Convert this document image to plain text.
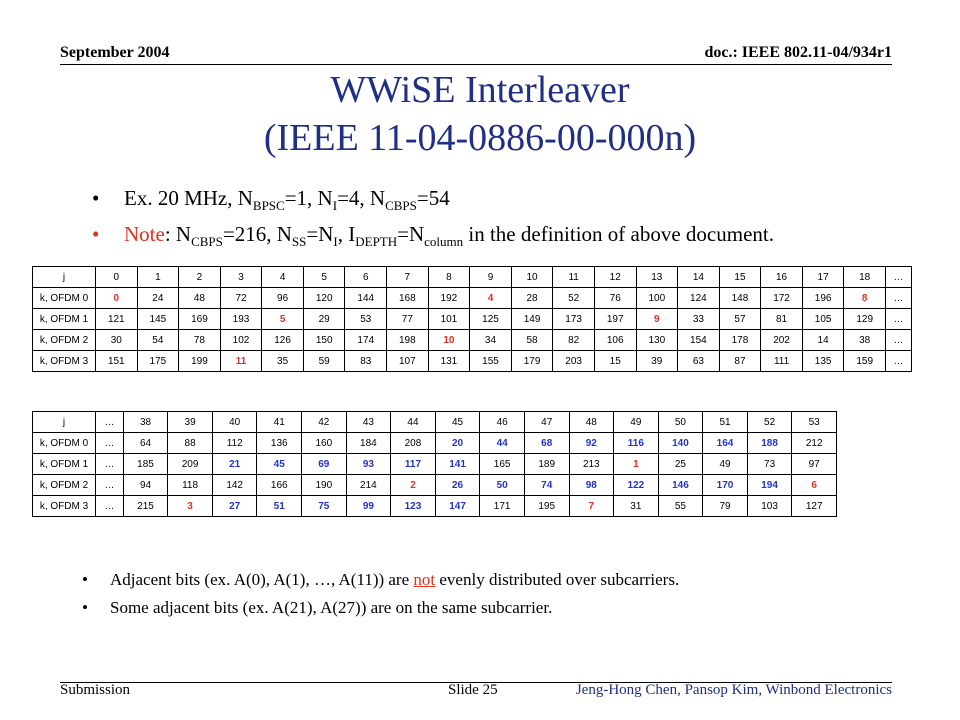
September 2004	doc.: IEEE 802.11-04/934r1
WWiSE Interleaver
(IEEE 11-04-0886-00-000n)
•	Ex. 20 MHz, $N_{BPSC}=1$, $N_I=4$, $N_{CBPS}=54$
•	Note: $N_{CBPS}=216$, $N_{SS}=N_I$, $I_{DEPTH}=N_{column}$ in the definition of above document.
j	0	1	2	3	4	5	6	7	8	9	10	11	12	13	14	15	16	17	18	…
k, OFDM 0	0	24	48	72	96	120	144	168	192	4	28	52	76	100	124	148	172	196	8	…
k, OFDM 1	121	145	169	193	5	29	53	77	101	125	149	173	197	9	33	57	81	105	129	…
k, OFDM 2	30	54	78	102	126	150	174	198	10	34	58	82	106	130	154	178	202	14	38	…
k, OFDM 3	151	175	199	11	35	59	83	107	131	155	179	203	15	39	63	87	111	135	159	…
j	…	38	39	40	41	42	43	44	45	46	47	48	49	50	51	52	53
k, OFDM 0	…	64	88	112	136	160	184	208	20	44	68	92	116	140	164	188	212
k, OFDM 1	…	185	209	21	45	69	93	117	141	165	189	213	1	25	49	73	97
k, OFDM 2	…	94	118	142	166	190	214	2	26	50	74	98	122	146	170	194	6
k, OFDM 3	…	215	3	27	51	75	99	123	147	171	195	7	31	55	79	103	127
•	Adjacent bits (ex. A(0), A(1), …, A(11)) are not evenly distributed over subcarriers.
•	Some adjacent bits (ex. A(21), A(27)) are on the same subcarrier.
Submission	Slide 25	Jeng-Hong Chen, Pansop Kim, Winbond Electronics
